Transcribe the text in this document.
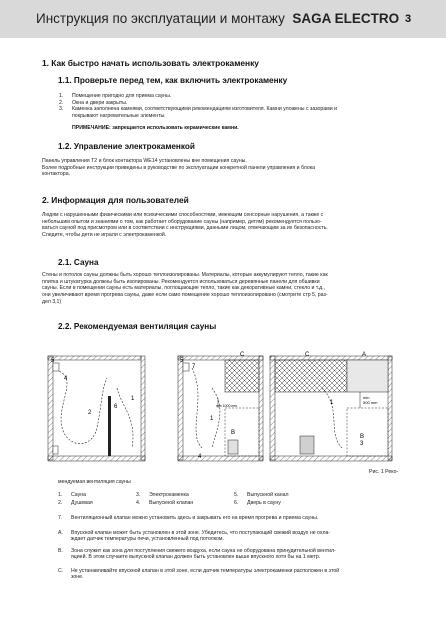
Инструкция по эксплуатации и монтажу SAGA ELECTRO 3
1. Как быстро начать использовать электрокаменку
1.1. Проверьте перед тем, как включить электрокаменку
1. Помещение пригодно для приема сауны.
2. Окна и двери закрыты.
3. Каменка заполнена камнями, соответствующими рекомендациям изготовителя. Камни уложены с зазорами и
покрывают нагревательные элементы.
ПРИМЕЧАНИЕ: запрещается использовать керамические камни.
1.2. Управление электрокаменкой
Панель управления T2 и блок контактора WE14 установлены вне помещения сауны.
Более подробные инструкции приведены в руководстве по эксплуатации конкретной панели управления и блока
контактора.
2. Информация для пользователей
Людям с нарушенными физическими или психическими способностями, имеющим сенсорные нарушения, а также с
небольшим опытом и знаниями о том, как работает оборудование сауны (например, детям) рекомендуется пользо-
ваться сауной под присмотром или в соответствии с инструкциями, данными лицом, отвечающим за их безопасность.
Следите, чтобы дети не играли с электрокаменкой.
2.1. Сауна
Стены и потолок сауны должны быть хорошо теплоизолированы. Материалы, которые аккумулируют тепло, такие как
плитка и штукатурка должны быть изолированы. Рекомендуется использоваться деревянные панели для обшивки
сауны. Если в помещении сауны есть материалы, поглощающие тепло, такие как декоративные камни, стекло и т.д.,
они увеличивают время прогрева сауны, даже если само помещение хорошо теплоизолировано (смотрите стр 5, раз-
дел 3,1)
2.2. Рекомендуемая вентиляция сауны
5
4
2
6
1
5
7
4
1
C
min 1000 mm
B
C	A
1
B
3
min
500 mm
Рис. 1 Реко-
мендуемая вентиляция сауны
1. Сауна	3. Электрокаменка	5. Выпускной канал
2. Душевая	4. Выпускной клапан	6. Дверь в сауну
7. Вентиляционный клапан можно установить здесь и закрывать его на время прогрева и приема сауны.
A. Впускной клапан может быть установлен в этой зоне. Убедитесь, что поступающий свежий воздух не охла-
ждает датчик температуры печи, установленный под потолком.
B. Зона служит как зона для поступления свежего воздуха, если сауна не оборудована принудительной вентил-
яцией. В этом случаете выпускной клапан должен быть установлен выше впускного хотя бы на 1 метр.
C. Не устанавливайте впускной клапан в этой зоне, если датчик температуры электрокаменки расположен в этой
зоне.
